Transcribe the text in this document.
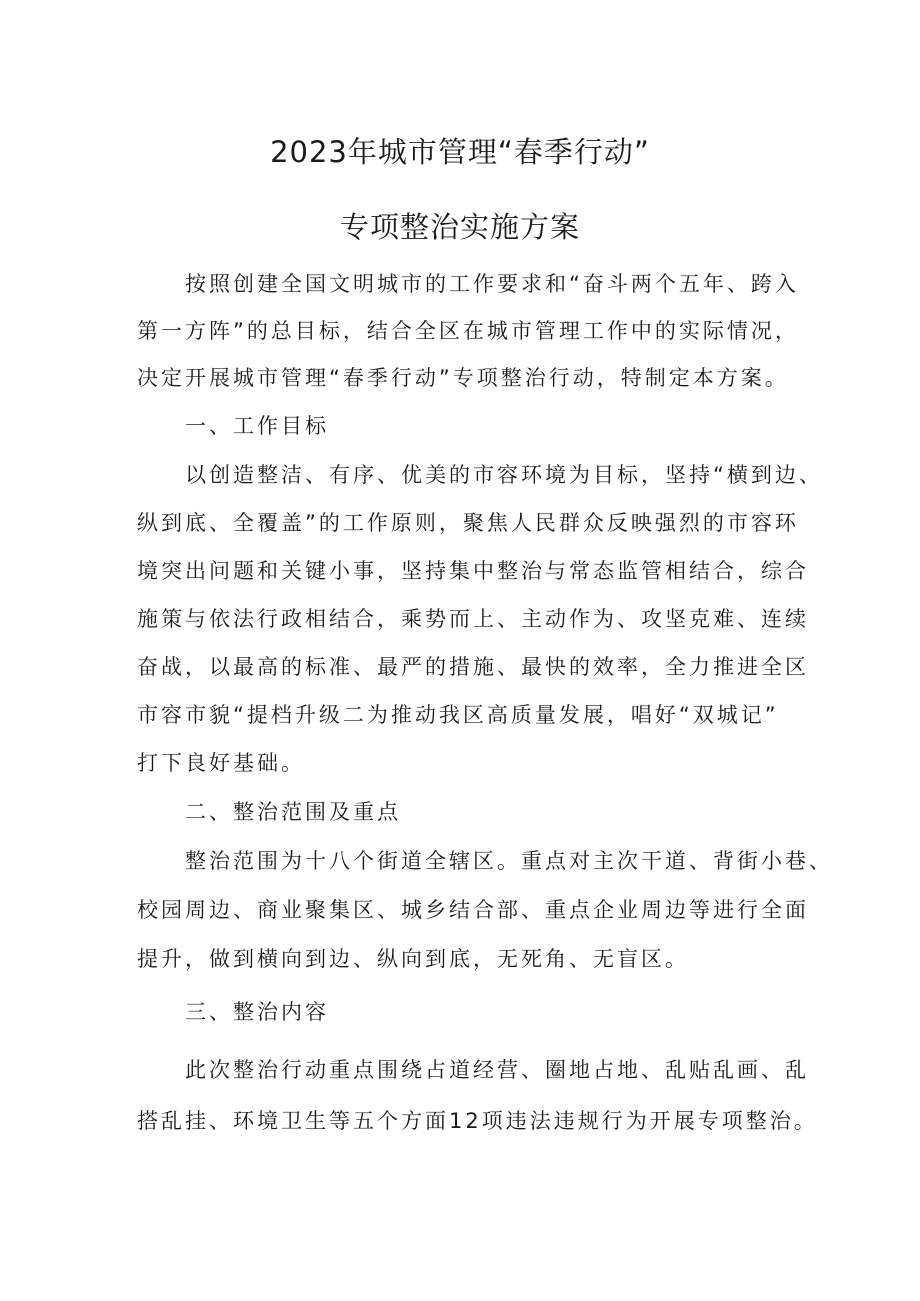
2023年城市管理“春季行动”
专项整治实施方案
按照创建全国文明城市的工作要求和“奋斗两个五年、跨入
第一方阵”的总目标，结合全区在城市管理工作中的实际情况，
决定开展城市管理“春季行动”专项整治行动，特制定本方案。
一、工作目标
以创造整洁、有序、优美的市容环境为目标，坚持“横到边、
纵到底、全覆盖”的工作原则，聚焦人民群众反映强烈的市容环
境突出问题和关键小事，坚持集中整治与常态监管相结合，综合
施策与依法行政相结合，乘势而上、主动作为、攻坚克难、连续
奋战，以最高的标准、最严的措施、最快的效率，全力推进全区
市容市貌“提档升级二为推动我区高质量发展，唱好“双城记”
打下良好基础。
二、整治范围及重点
整治范围为十八个街道全辖区。重点对主次干道、背街小巷、
校园周边、商业聚集区、城乡结合部、重点企业周边等进行全面
提升，做到横向到边、纵向到底，无死角、无盲区。
三、整治内容
此次整治行动重点围绕占道经营、圈地占地、乱贴乱画、乱
搭乱挂、环境卫生等五个方面12项违法违规行为开展专项整治。
